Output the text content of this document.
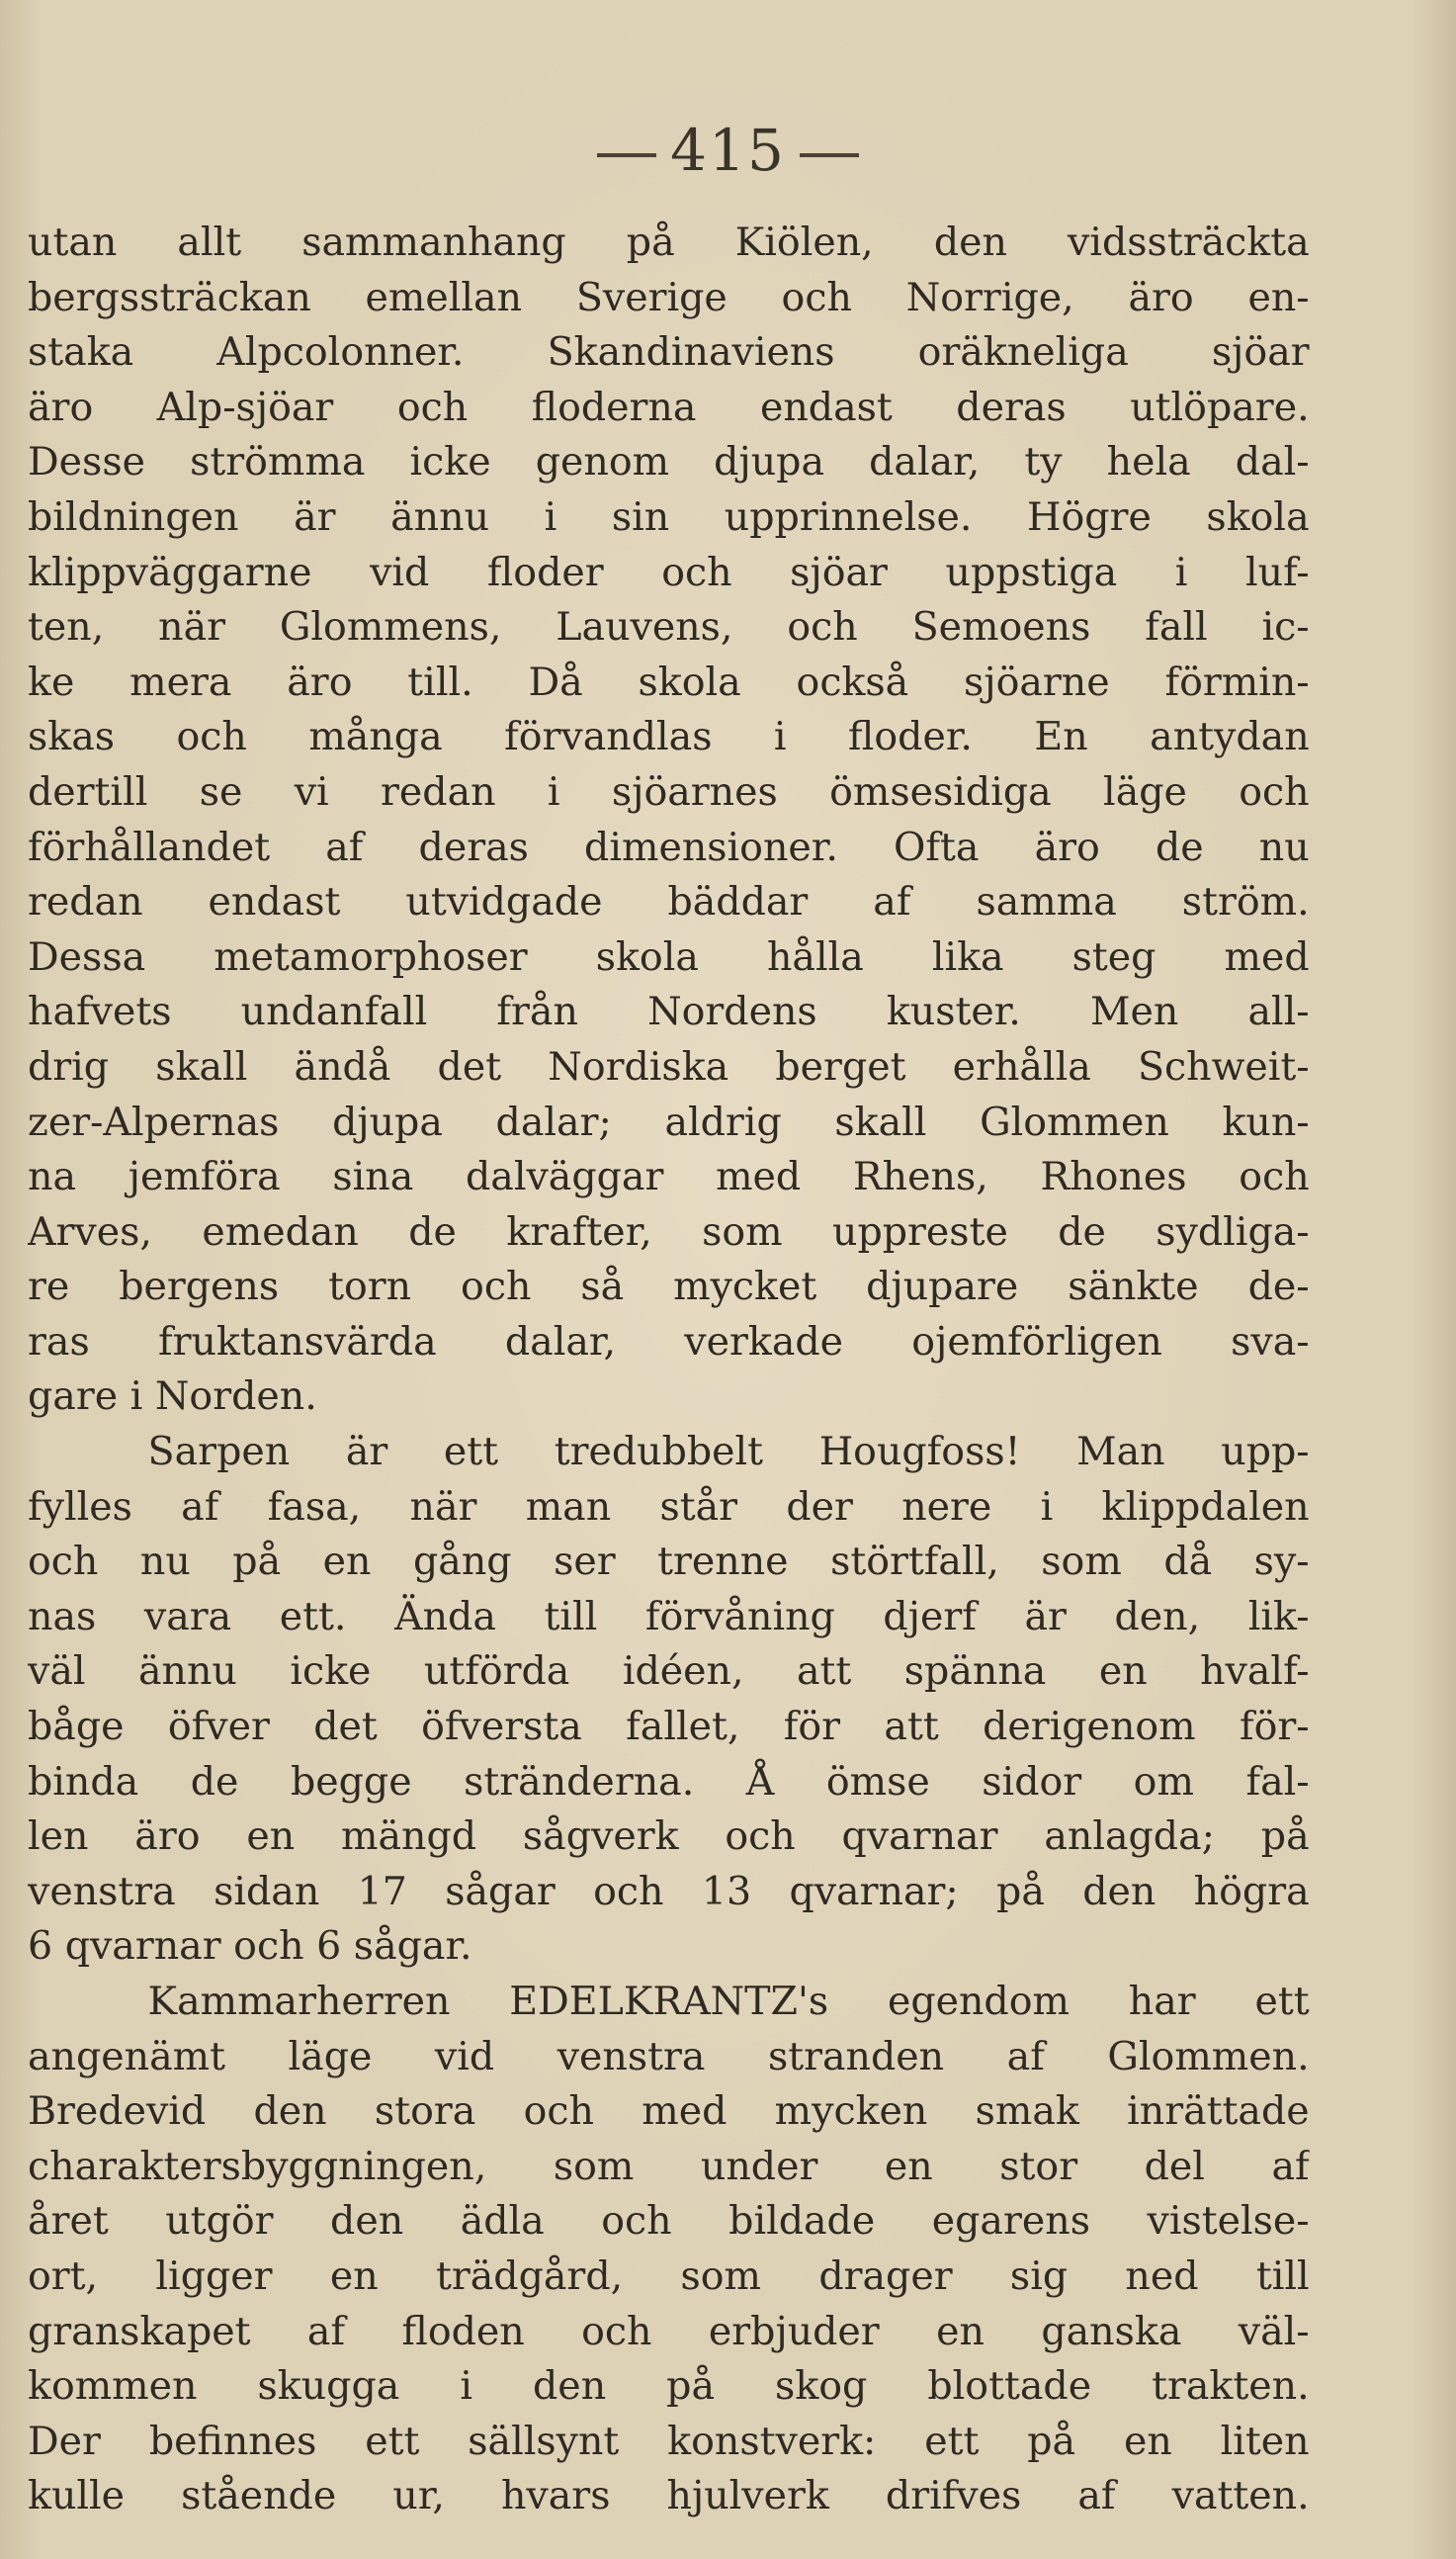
415
utan allt sammanhang på Kiölen, den vidssträckta
bergssträckan emellan Sverige och Norrige, äro en-
staka Alpcolonner. Skandinaviens oräkneliga sjöar
äro Alp-sjöar och floderna endast deras utlöpare.
Desse strömma icke genom djupa dalar, ty hela dal-
bildningen är ännu i sin upprinnelse. Högre skola
klippväggarne vid floder och sjöar uppstiga i luf-
ten, när Glommens, Lauvens, och Semoens fall ic-
ke mera äro till. Då skola också sjöarne förmin-
skas och många förvandlas i floder. En antydan
dertill se vi redan i sjöarnes ömsesidiga läge och
förhållandet af deras dimensioner. Ofta äro de nu
redan endast utvidgade bäddar af samma ström.
Dessa metamorphoser skola hålla lika steg med
hafvets undanfall från Nordens kuster. Men all-
drig skall ändå det Nordiska berget erhålla Schweit-
zer-Alpernas djupa dalar; aldrig skall Glommen kun-
na jemföra sina dalväggar med Rhens, Rhones och
Arves, emedan de krafter, som uppreste de sydliga-
re bergens torn och så mycket djupare sänkte de-
ras fruktansvärda dalar, verkade ojemförligen sva-
gare i Norden.
Sarpen är ett tredubbelt Hougfoss! Man upp-
fylles af fasa, när man står der nere i klippdalen
och nu på en gång ser trenne störtfall, som då sy-
nas vara ett. Ända till förvåning djerf är den, lik-
väl ännu icke utförda idéen, att spänna en hvalf-
båge öfver det öfversta fallet, för att derigenom för-
binda de begge stränderna. Å ömse sidor om fal-
len äro en mängd sågverk och qvarnar anlagda; på
venstra sidan 17 sågar och 13 qvarnar; på den högra
6 qvarnar och 6 sågar.
Kammarherren EDELKRANTZ's egendom har ett
angenämt läge vid venstra stranden af Glommen.
Bredevid den stora och med mycken smak inrättade
charaktersbyggningen, som under en stor del af
året utgör den ädla och bildade egarens vistelse-
ort, ligger en trädgård, som drager sig ned till
granskapet af floden och erbjuder en ganska väl-
kommen skugga i den på skog blottade trakten.
Der befinnes ett sällsynt konstverk: ett på en liten
kulle stående ur, hvars hjulverk drifves af vatten.
